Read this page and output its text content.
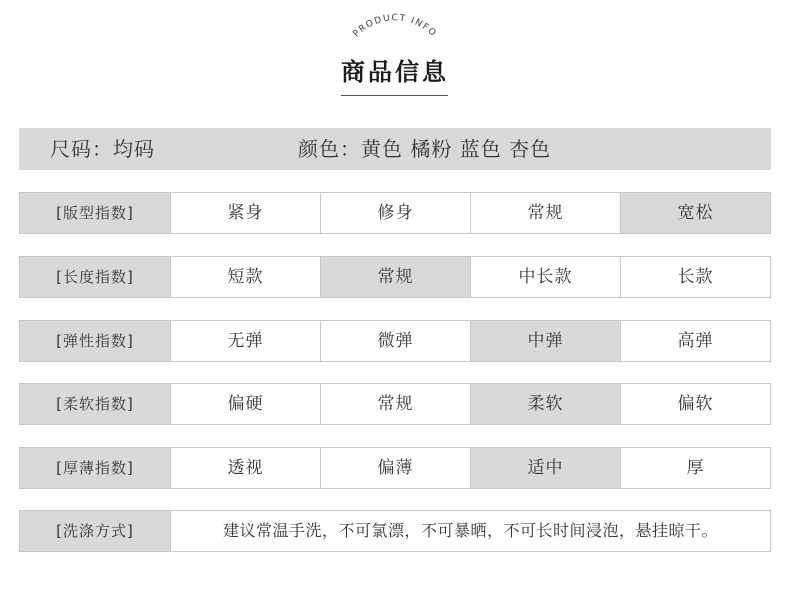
PRODUCT INFO
商品信息
尺码：均码	颜色：黄色 橘粉 蓝色 杏色
[版型指数]	紧身	修身	常规	宽松
[长度指数]	短款	常规	中长款	长款
[弹性指数]	无弹	微弹	中弹	高弹
[柔软指数]	偏硬	常规	柔软	偏软
[厚薄指数]	透视	偏薄	适中	厚
[洗涤方式]	建议常温手洗，不可氯漂，不可暴晒，不可长时间浸泡，悬挂晾干。
